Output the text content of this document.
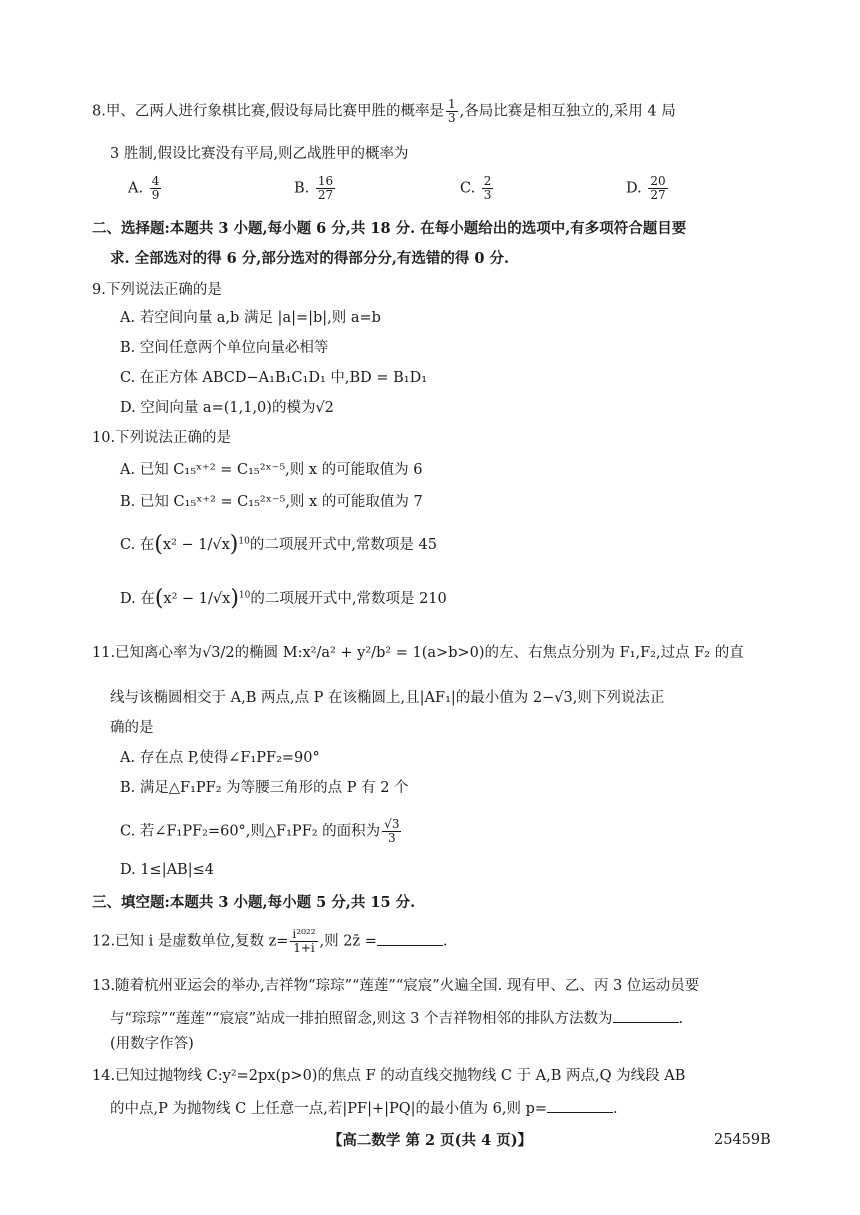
8.甲、乙两人进行象棋比赛,假设每局比赛甲胜的概率是 $\frac{1}{3}$ ,各局比赛是相互独立的,采用 4 局
3 胜制,假设比赛没有平局,则乙战胜甲的概率为
A. $\frac{4}{9}$	B. $\frac{16}{27}$	C. $\frac{2}{3}$	D. $\frac{20}{27}$
二、选择题:本题共 3 小题,每小题 6 分,共 18 分. 在每小题给出的选项中,有多项符合题目要
求. 全部选对的得 6 分,部分选对的得部分分,有选错的得 0 分.
9.下列说法正确的是
A. 若空间向量 a,b 满足 |a|=|b|,则 a=b
B. 空间任意两个单位向量必相等
C. 在正方体 ABCD−A₁B₁C₁D₁ 中,BD = B₁D₁
D. 空间向量 a=(1,1,0)的模为√2
10.下列说法正确的是
A. 已知 C₁₅ˣ⁺² = C₁₅²ˣ⁻⁵,则 x 的可能取值为 6
B. 已知 C₁₅ˣ⁺² = C₁₅²ˣ⁻⁵,则 x 的可能取值为 7
C. 在$(x^2 - 1/√x)^{10}$的二项展开式中,常数项是 45
D. 在$(x^2 - 1/√x)^{10}$的二项展开式中,常数项是 210
11.已知离心率为√3/2的椭圆 M:x²/a² + y²/b² = 1(a>b>0)的左、右焦点分别为 F₁,F₂,过点 F₂ 的直
线与该椭圆相交于 A,B 两点,点 P 在该椭圆上,且|AF₁|的最小值为 2−√3,则下列说法正
确的是
A. 存在点 P,使得∠F₁PF₂=90°
B. 满足△F₁PF₂ 为等腰三角形的点 P 有 2 个
C. 若∠F₁PF₂=60°,则△F₁PF₂ 的面积为 $\frac{√3}{3}$
D. 1≤|AB|≤4
三、填空题:本题共 3 小题,每小题 5 分,共 15 分.
12.已知 i 是虚数单位,复数 $z= \frac{\text{i²⁰²²}}{1+i}$ ,则 2z̄ =	.
13.随着杭州亚运会的举办,吉祥物“琮琮”“莲莲”“宸宸”火遍全国. 现有甲、乙、丙 3 位运动员要
与“琮琮”“莲莲”“宸宸”站成一排拍照留念,则这 3 个吉祥物相邻的排队方法数为	.
(用数字作答)
14.已知过抛物线 C:y²=2px(p>0)的焦点 F 的动直线交抛物线 C 于 A,B 两点,Q 为线段 AB
的中点,P 为抛物线 C 上任意一点,若|PF|+|PQ|的最小值为 6,则 p=	.
【高二数学 第 2 页(共 4 页)】	25459B
